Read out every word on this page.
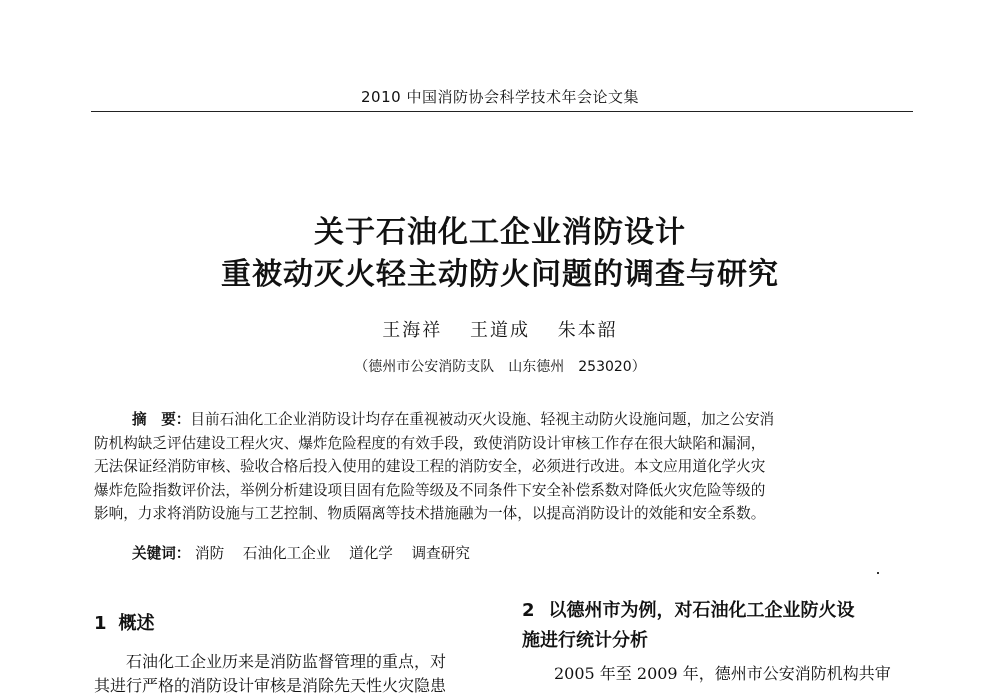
2010 中国消防协会科学技术年会论文集
关于石油化工企业消防设计
重被动灭火轻主动防火问题的调查与研究
王海祥 王道成 朱本韶
（德州市公安消防支队　山东德州　253020）
摘　要：目前石油化工企业消防设计均存在重视被动灭火设施、轻视主动防火设施问题，加之公安消
防机构缺乏评估建设工程火灾、爆炸危险程度的有效手段，致使消防设计审核工作存在很大缺陷和漏洞，
无法保证经消防审核、验收合格后投入使用的建设工程的消防安全，必须进行改进。本文应用道化学火灾
爆炸危险指数评价法，举例分析建设项目固有危险等级及不同条件下安全补偿系数对降低火灾危险等级的
影响，力求将消防设施与工艺控制、物质隔离等技术措施融为一体，以提高消防设计的效能和安全系数。
关键词： 消防 石油化工企业 道化学 调查研究
1 概述
石油化工企业历来是消防监督管理的重点，对
其进行严格的消防设计审核是消除先天性火灾隐患
2 以德州市为例，对石油化工企业防火设
施进行统计分析
2005 年至 2009 年，德州市公安消防机构共审
